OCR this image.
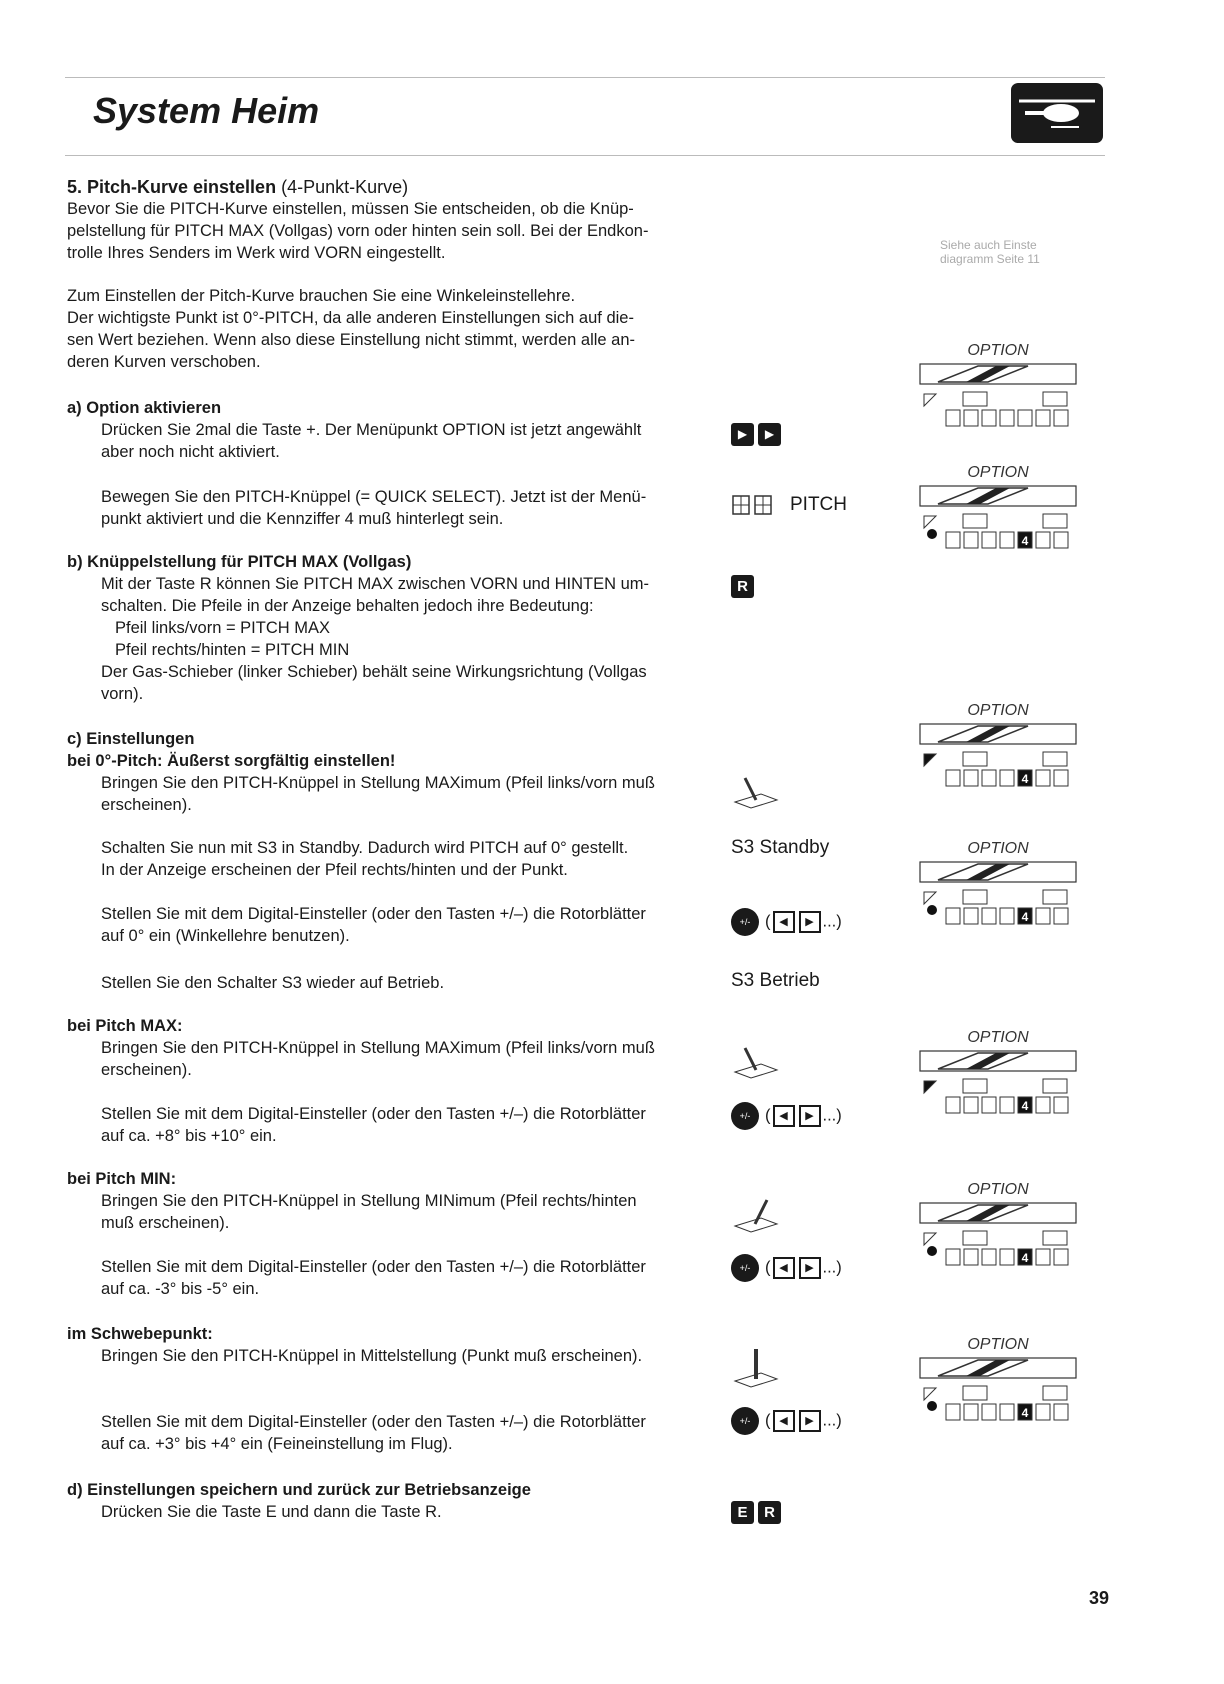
System Heim
5. Pitch-Kurve einstellen (4-Punkt-Kurve)
Bevor Sie die PITCH-Kurve einstellen, müssen Sie entscheiden, ob die Knüp-
pelstellung für PITCH MAX (Vollgas) vorn oder hinten sein soll. Bei der Endkon-
trolle Ihres Senders im Werk wird VORN eingestellt.
Zum Einstellen der Pitch-Kurve brauchen Sie eine Winkeleinstellehre.
Der wichtigste Punkt ist 0°-PITCH, da alle anderen Einstellungen sich auf die-
sen Wert beziehen. Wenn also diese Einstellung nicht stimmt, werden alle an-
deren Kurven verschoben.
Siehe auch Einste
diagramm Seite 11
a) Option aktivieren
Drücken Sie 2mal die Taste +. Der Menüpunkt OPTION ist jetzt angewählt
aber noch nicht aktiviert.
▶ ▶
Bewegen Sie den PITCH-Knüppel (= QUICK SELECT). Jetzt ist der Menü-
punkt aktiviert und die Kennziffer 4 muß hinterlegt sein.
PITCH
b) Knüppelstellung für PITCH MAX (Vollgas)
Mit der Taste R können Sie PITCH MAX zwischen VORN und HINTEN um-
schalten. Die Pfeile in der Anzeige behalten jedoch ihre Bedeutung:
Pfeil links/vorn = PITCH MAX
Pfeil rechts/hinten = PITCH MIN
Der Gas-Schieber (linker Schieber) behält seine Wirkungsrichtung (Vollgas
vorn).
R
c) Einstellungen
bei 0°-Pitch: Äußerst sorgfältig einstellen!
Bringen Sie den PITCH-Knüppel in Stellung MAXimum (Pfeil links/vorn muß
erscheinen).
Schalten Sie nun mit S3 in Standby. Dadurch wird PITCH auf 0° gestellt.
In der Anzeige erscheinen der Pfeil rechts/hinten und der Punkt.
S3 Standby
Stellen Sie mit dem Digital-Einsteller (oder den Tasten +/–) die Rotorblätter
auf 0° ein (Winkellehre benutzen).
+/- ( ◀ ▶ ...)
Stellen Sie den Schalter S3 wieder auf Betrieb.	S3 Betrieb
bei Pitch MAX:
Bringen Sie den PITCH-Knüppel in Stellung MAXimum (Pfeil links/vorn muß
erscheinen).
Stellen Sie mit dem Digital-Einsteller (oder den Tasten +/–) die Rotorblätter
auf ca. +8° bis +10° ein.
+/- ( ◀ ▶ ...)
bei Pitch MIN:
Bringen Sie den PITCH-Knüppel in Stellung MINimum (Pfeil rechts/hinten
muß erscheinen).
Stellen Sie mit dem Digital-Einsteller (oder den Tasten +/–) die Rotorblätter
auf ca. -3° bis -5° ein.
+/- ( ◀ ▶ ...)
im Schwebepunkt:
Bringen Sie den PITCH-Knüppel in Mittelstellung (Punkt muß erscheinen).
Stellen Sie mit dem Digital-Einsteller (oder den Tasten +/–) die Rotorblätter
auf ca. +3° bis +4° ein (Feineinstellung im Flug).
+/- ( ◀ ▶ ...)
d) Einstellungen speichern und zurück zur Betriebsanzeige
Drücken Sie die Taste E und dann die Taste R.	E R
OPTION
OPTION
4
OPTION
4
OPTION
4
OPTION
4
OPTION
4
OPTION
4
39
